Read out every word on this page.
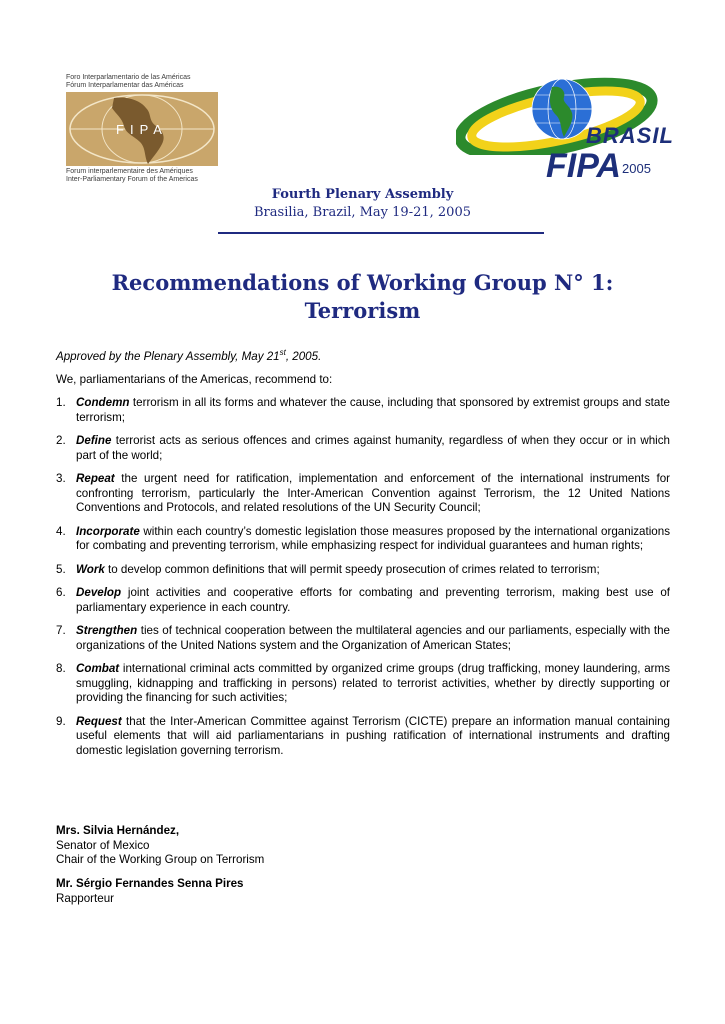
Foro Interparlamentario de las Américas
Fórum Interparlamentar das Américas
FIPA
Forum interparlementaire des Amériques
Inter-Parliamentary Forum of the Americas
BRASIL
FIPA 2005
Fourth Plenary Assembly
Brasilia, Brazil, May 19-21, 2005
Recommendations of Working Group N° 1:
Terrorism
Approved by the Plenary Assembly, May 21st, 2005.
We, parliamentarians of the Americas, recommend to:
1. Condemn terrorism in all its forms and whatever the cause, including that sponsored by extremist groups and state terrorism;
2. Define terrorist acts as serious offences and crimes against humanity, regardless of when they occur or in which part of the world;
3. Repeat the urgent need for ratification, implementation and enforcement of the international instruments for confronting terrorism, particularly the Inter-American Convention against Terrorism, the 12 United Nations Conventions and Protocols, and related resolutions of the UN Security Council;
4. Incorporate within each country’s domestic legislation those measures proposed by the international organizations for combating and preventing terrorism, while emphasizing respect for individual guarantees and human rights;
5. Work to develop common definitions that will permit speedy prosecution of crimes related to terrorism;
6. Develop joint activities and cooperative efforts for combating and preventing terrorism, making best use of parliamentary experience in each country.
7. Strengthen ties of technical cooperation between the multilateral agencies and our parliaments, especially with the organizations of the United Nations system and the Organization of American States;
8. Combat international criminal acts committed by organized crime groups (drug trafficking, money laundering, arms smuggling, kidnapping and trafficking in persons) related to terrorist activities, whether by directly supporting or providing the financing for such activities;
9. Request that the Inter-American Committee against Terrorism (CICTE) prepare an information manual containing useful elements that will aid parliamentarians in pushing ratification of international instruments and drafting domestic legislation governing terrorism.
Mrs. Silvia Hernández,
Senator of Mexico
Chair of the Working Group on Terrorism
Mr. Sérgio Fernandes Senna Pires
Rapporteur
